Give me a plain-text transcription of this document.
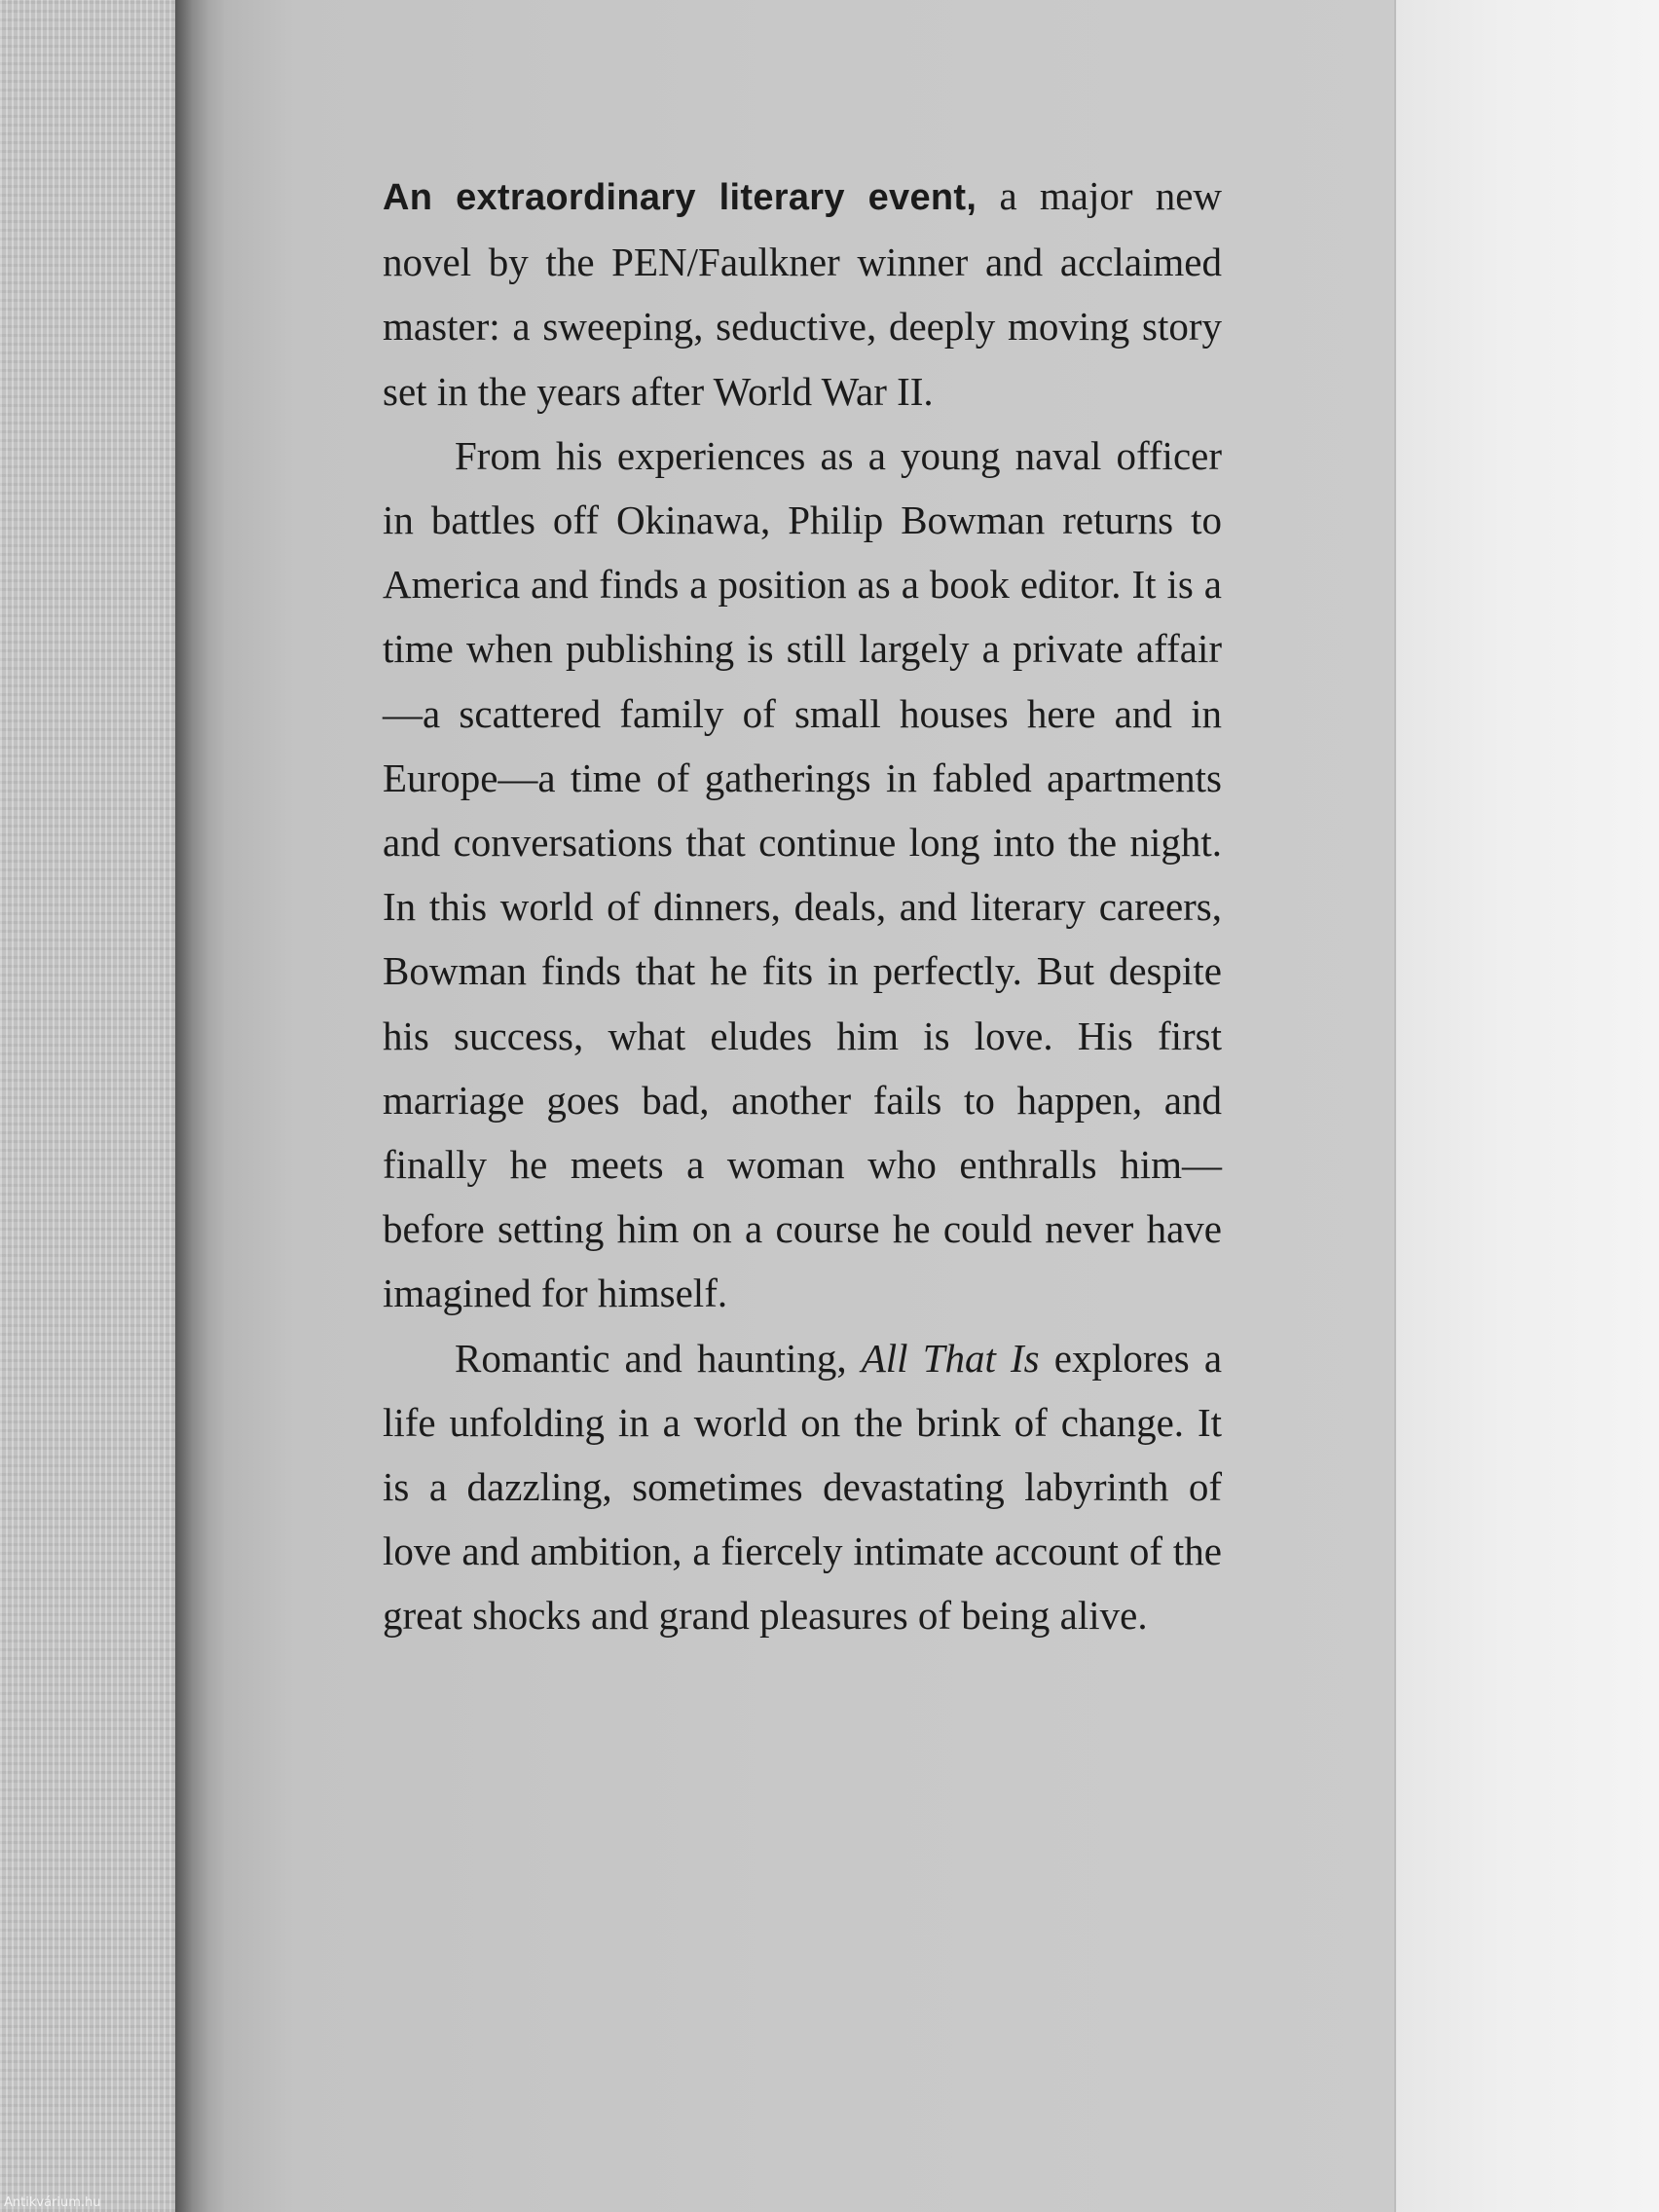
An extraordinary literary event, a major new novel by the PEN/Faulkner winner and acclaimed master: a sweeping, seductive, deeply moving story set in the years after World War II.

From his experiences as a young naval officer in battles off Okinawa, Philip Bowman returns to America and finds a position as a book editor. It is a time when publishing is still largely a private affair—a scattered family of small houses here and in Europe—a time of gatherings in fabled apartments and conversations that continue long into the night. In this world of dinners, deals, and literary careers, Bowman finds that he fits in perfectly. But despite his success, what eludes him is love. His first marriage goes bad, another fails to happen, and finally he meets a woman who enthralls him—before setting him on a course he could never have imagined for himself.

Romantic and haunting, All That Is explores a life unfolding in a world on the brink of change. It is a dazzling, sometimes devastating labyrinth of love and ambition, a fiercely intimate account of the great shocks and grand pleasures of being alive.

Antikvárium.hu
